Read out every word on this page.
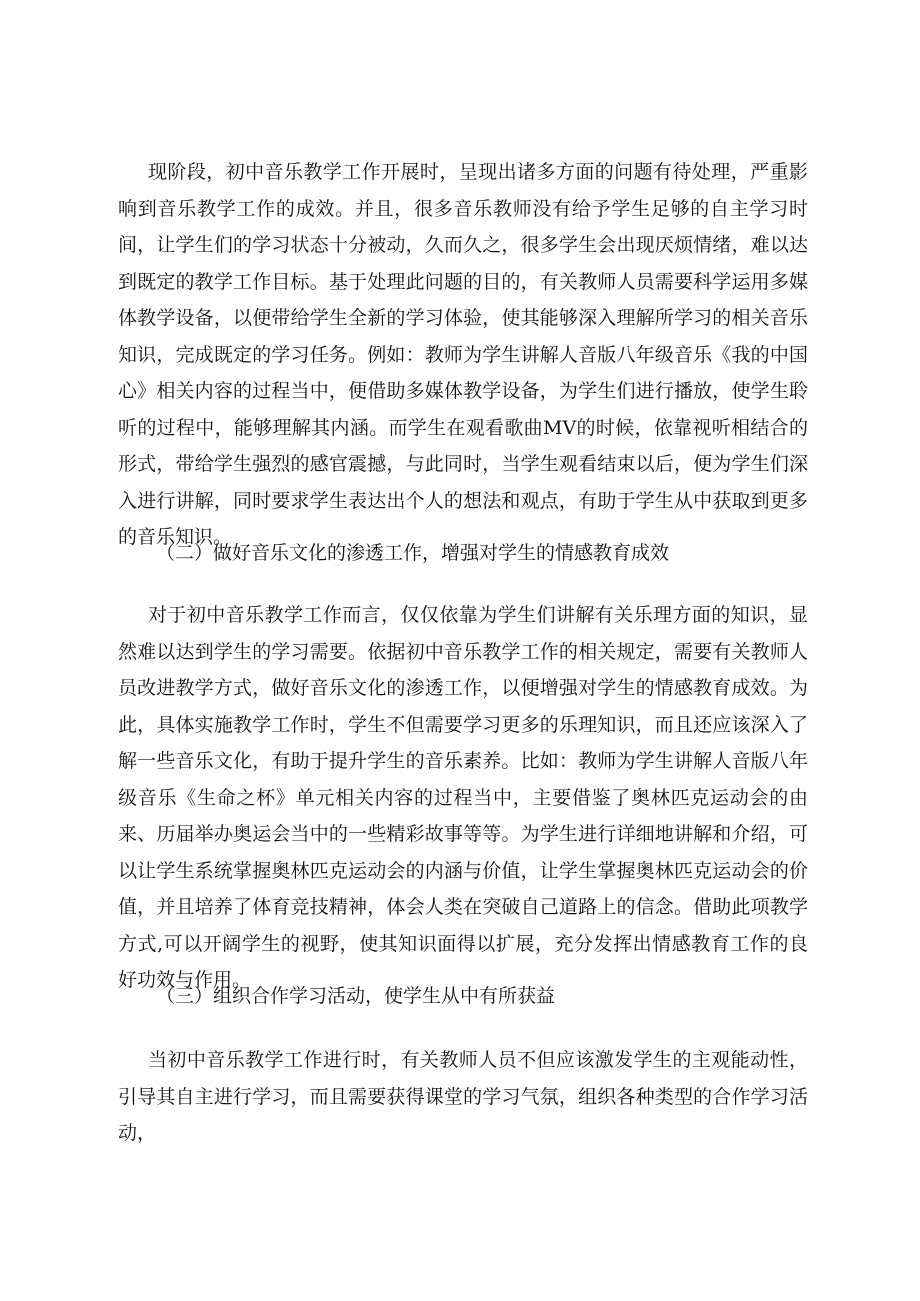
现阶段，初中音乐教学工作开展时，呈现出诸多方面的问题有待处理，严重影响到音乐教学工作的成效。并且，很多音乐教师没有给予学生足够的自主学习时间，让学生们的学习状态十分被动，久而久之，很多学生会出现厌烦情绪，难以达到既定的教学工作目标。基于处理此问题的目的，有关教师人员需要科学运用多媒体教学设备，以便带给学生全新的学习体验，使其能够深入理解所学习的相关音乐知识，完成既定的学习任务。例如：教师为学生讲解人音版八年级音乐《我的中国心》相关内容的过程当中，便借助多媒体教学设备，为学生们进行播放，使学生聆听的过程中，能够理解其内涵。而学生在观看歌曲MV的时候，依靠视听相结合的形式，带给学生强烈的感官震撼，与此同时，当学生观看结束以后，便为学生们深入进行讲解，同时要求学生表达出个人的想法和观点，有助于学生从中获取到更多的音乐知识。

（二）做好音乐文化的渗透工作，增强对学生的情感教育成效

对于初中音乐教学工作而言，仅仅依靠为学生们讲解有关乐理方面的知识，显然难以达到学生的学习需要。依据初中音乐教学工作的相关规定，需要有关教师人员改进教学方式，做好音乐文化的渗透工作，以便增强对学生的情感教育成效。为此，具体实施教学工作时，学生不但需要学习更多的乐理知识，而且还应该深入了解一些音乐文化，有助于提升学生的音乐素养。比如：教师为学生讲解人音版八年级音乐《生命之杯》单元相关内容的过程当中，主要借鉴了奥林匹克运动会的由来、历届举办奥运会当中的一些精彩故事等等。为学生进行详细地讲解和介绍，可以让学生系统掌握奥林匹克运动会的内涵与价值，让学生掌握奥林匹克运动会的价值，并且培养了体育竞技精神，体会人类在突破自己道路上的信念。借助此项教学方式,可以开阔学生的视野，使其知识面得以扩展，充分发挥出情感教育工作的良好功效与作用。

（三）组织合作学习活动，使学生从中有所获益

当初中音乐教学工作进行时，有关教师人员不但应该激发学生的主观能动性，引导其自主进行学习，而且需要获得课堂的学习气氛，组织各种类型的合作学习活动，
